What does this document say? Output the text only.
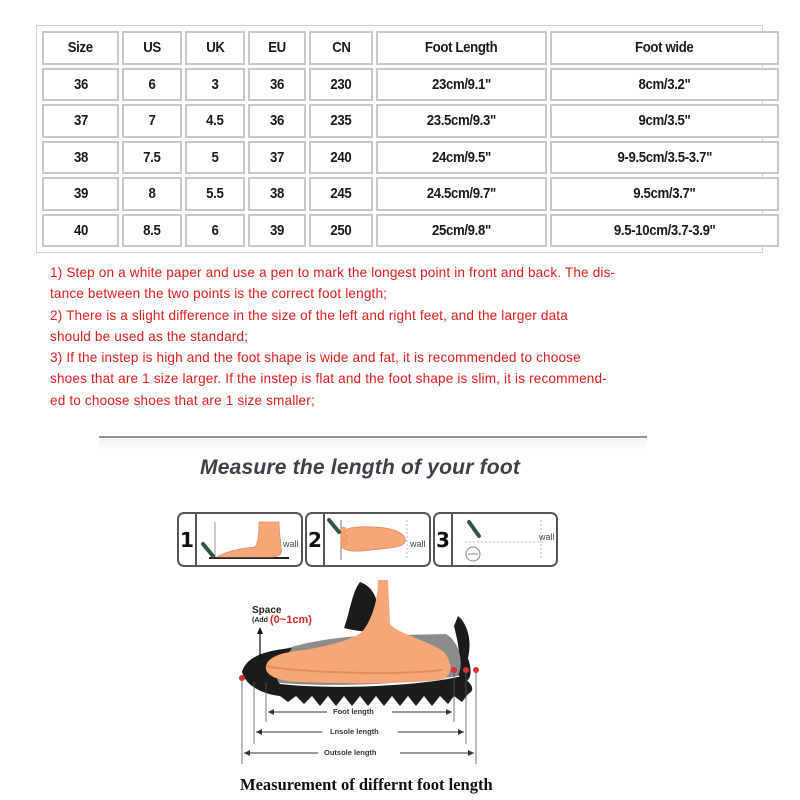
Size	US	UK	EU	CN	Foot Length	Foot wide
36	6	3	36	230	23cm/9.1"	8cm/3.2"
37	7	4.5	36	235	23.5cm/9.3"	9cm/3.5"
38	7.5	5	37	240	24cm/9.5"	9-9.5cm/3.5-3.7"
39	8	5.5	38	245	24.5cm/9.7"	9.5cm/3.7"
40	8.5	6	39	250	25cm/9.8"	9.5-10cm/3.7-3.9"

1) Step on a white paper and use a pen to mark the longest point in front and back. The dis-

tance between the two points is the correct foot length;

2) There is a slight difference in the size of the left and right feet, and the larger data

should be used as the standard;

3) If the instep is high and the foot shape is wide and fat, it is recommended to choose

shoes that are 1 size larger. If the instep is flat and the foot shape is slim, it is recommend-

ed to choose shoes that are 1 size smaller;

Measure the length of your foot
1	wall 2	wall 3	wall
Space
(Add (0~1cm)
Foot length
Lnsole length
Outsole length
Measurement of differnt foot length
